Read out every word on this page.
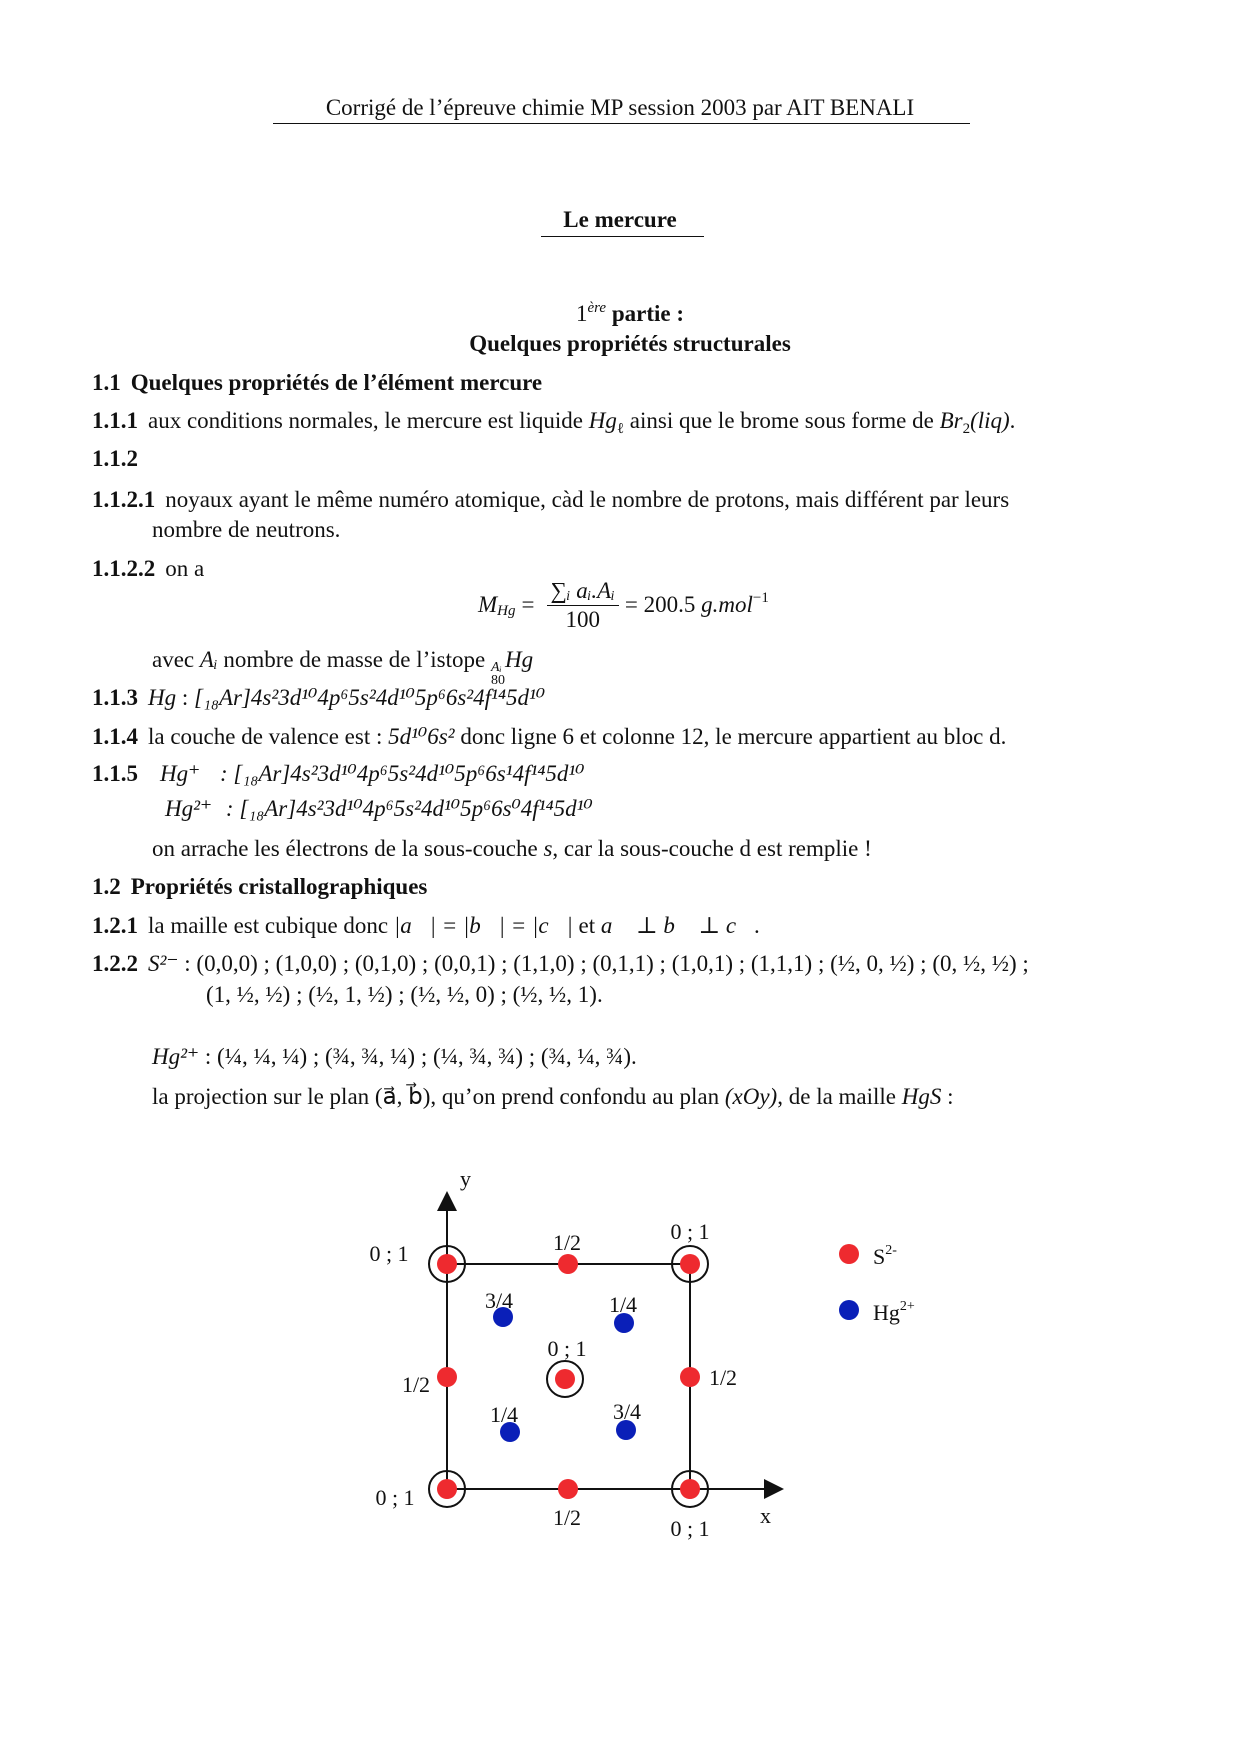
Corrigé de l’épreuve chimie MP session 2003 par AIT BENALI
Le mercure
1ère partie :
Quelques propriétés structurales
1.1 Quelques propriétés de l’élément mercure
1.1.1 aux conditions normales, le mercure est liquide $Hg_\ell$ ainsi que le brome sous forme de $Br_2(liq)$.
1.1.2
1.1.2.1 noyaux ayant le même numéro atomique, càd le nombre de protons, mais différent par leurs
nombre de neutrons.
1.1.2.2 on a
M $Hg = \frac{\text{∑ᵢ aᵢ.Aᵢ}}{100} = 200.5$ g.mol −1
avec Aᵢ nombre de masse de l’istope Aᵢ
80
Hg
1.1.3 Hg : [₁₈Ar]4s²3d¹⁰4p⁶5s²4d¹⁰5p⁶6s²4f¹⁴5d¹⁰
1.1.4 la couche de valence est : 5d¹⁰6s² donc ligne 6 et colonne 12, le mercure appartient au bloc d.
1.1.5 Hg⁺ : [₁₈Ar]4s²3d¹⁰4p⁶5s²4d¹⁰5p⁶6s¹4f¹⁴5d¹⁰
Hg²⁺ : [₁₈Ar]4s²3d¹⁰4p⁶5s²4d¹⁰5p⁶6s⁰4f¹⁴5d¹⁰
on arrache les électrons de la sous-couche s, car la sous-couche d est remplie !
1.2 Propriétés cristallographiques
1.2.1 la maille est cubique donc |a⃗| = |b⃗| = |c⃗| et a⃗ ⊥ b⃗ ⊥ c⃗.
1.2.2 S²⁻ : (0,0,0) ; (1,0,0) ; (0,1,0) ; (0,0,1) ; (1,1,0) ; (0,1,1) ; (1,0,1) ; (1,1,1) ; (½, 0, ½) ; (0, ½, ½) ;
(1, ½, ½) ; (½, 1, ½) ; (½, ½, 0) ; (½, ½, 1).
Hg²⁺ : (¼, ¼, ¼) ; (¾, ¾, ¼) ; (¼, ¾, ¾) ; (¾, ¼, ¾).
la projection sur le plan (a⃗, b⃗), qu’on prend confondu au plan (xOy), de la maille HgS :
y
x
0 ; 1
0 ; 1
1/2
3/4	1/4
0 ; 1
1/2	1/2
1/4	3/4
0 ; 1
1/2	0 ; 1
$S^{2-}$
$Hg^{2+}$
